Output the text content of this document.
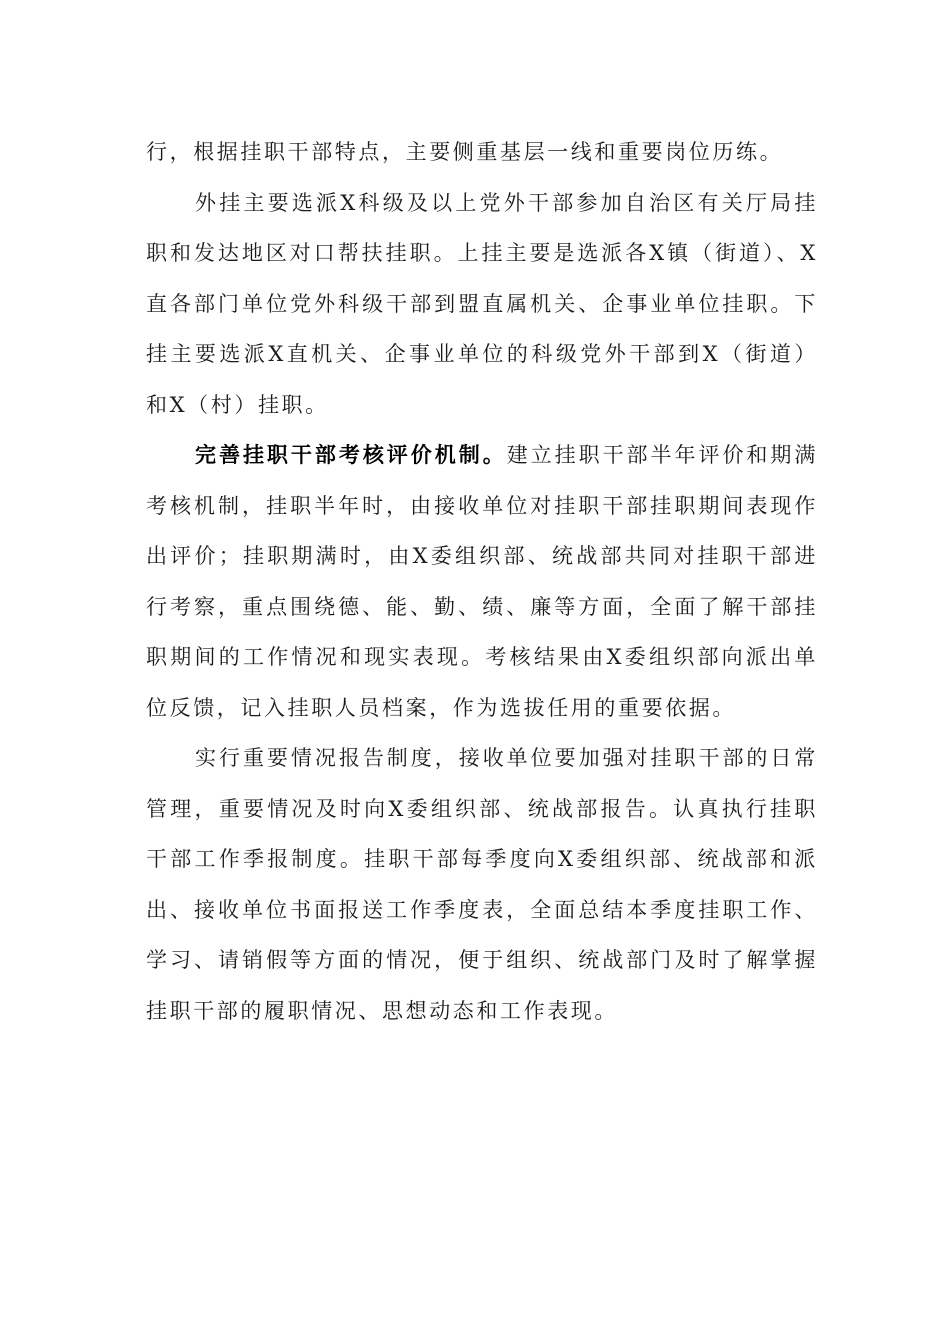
行，根据挂职干部特点，主要侧重基层一线和重要岗位历练。

外挂主要选派X科级及以上党外干部参加自治区有关厅局挂职和发达地区对口帮扶挂职。上挂主要是选派各X镇（街道）、X直各部门单位党外科级干部到盟直属机关、企事业单位挂职。下挂主要选派X直机关、企事业单位的科级党外干部到X（街道）和X（村）挂职。

完善挂职干部考核评价机制。建立挂职干部半年评价和期满考核机制，挂职半年时，由接收单位对挂职干部挂职期间表现作出评价；挂职期满时，由X委组织部、统战部共同对挂职干部进行考察，重点围绕德、能、勤、绩、廉等方面，全面了解干部挂职期间的工作情况和现实表现。考核结果由X委组织部向派出单位反馈，记入挂职人员档案，作为选拔任用的重要依据。

实行重要情况报告制度，接收单位要加强对挂职干部的日常管理，重要情况及时向X委组织部、统战部报告。认真执行挂职干部工作季报制度。挂职干部每季度向X委组织部、统战部和派出、接收单位书面报送工作季度表，全面总结本季度挂职工作、学习、请销假等方面的情况，便于组织、统战部门及时了解掌握挂职干部的履职情况、思想动态和工作表现。
